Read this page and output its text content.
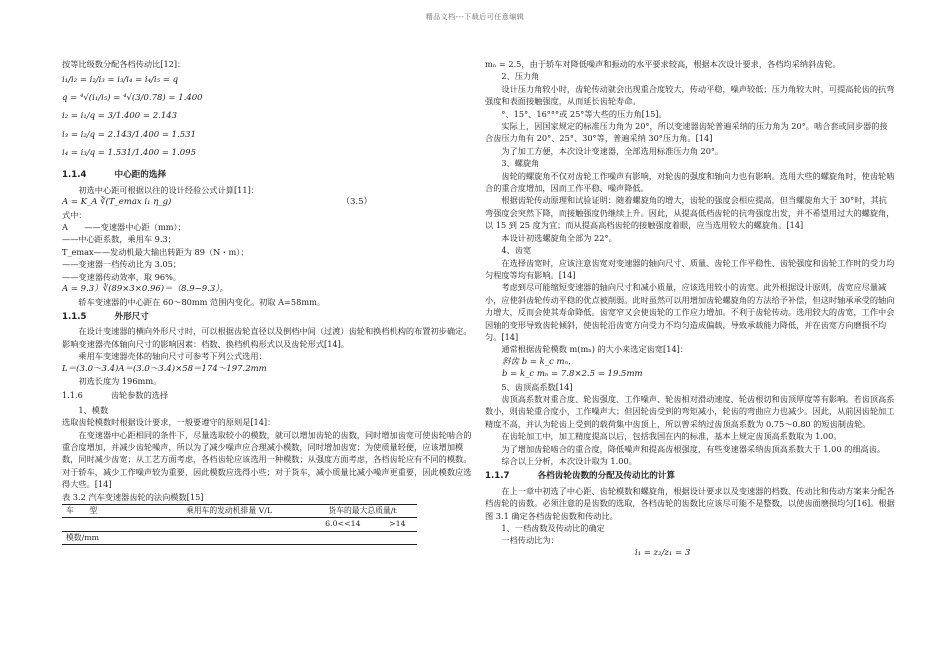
精品文档---下载后可任意编辑

按等比级数分配各档传动比[12]：

i₁/i₂ = i₂/i₃ = i₃/i₄ = i₄/i₅ = q

q = ⁴√(i₁/i₅) = ⁴√(3/0.78) = 1.400

i₂ = i₁/q = 3/1.400 = 2.143

i₃ = i₂/q = 2.143/1.400 = 1.531

i₄ = i₃/q = 1.531/1.400 = 1.095

1.1.4	中心距的选择

初选中心距可根据以往的设计经验公式计算[11]：

A = K_A ∛(T_emax i₁ η_g)	（3.5）

式中：

A　　——变速器中心距（mm）；

——中心距系数，乘用车 9.3；

T_emax——发动机最大输出转距为 89（N・m）；

——变速器一档传动比为 3.05；

——变速器传动效率，取 96%。

A = 9.3）∛(89×3×0.96)＝（8.9−9.3）。

轿车变速器的中心距在 60～80mm 范围内变化。初取 A=58mm。

1.1.5	外形尺寸

在设计变速器的横向外形尺寸时，可以根据齿轮直径以及倒档中间（过渡）齿轮和换档机构的布置初步确定。影响变速器壳体轴向尺寸的影响因素：档数、换档机构形式以及齿轮形式[14]。

乘用车变速器壳体的轴向尺寸可参考下列公式选用：

L＝(3.0～3.4)A＝(3.0～3.4)×58＝174～197.2mm

初选长度为 196mm。

1.1.6	齿轮参数的选择

1、模数

选取齿轮模数时根据设计要求，一般要遵守的原则是[14]：

在变速器中心距相同的条件下，尽量选取较小的模数，就可以增加齿轮的齿数，同时增加齿宽可使齿轮啮合的重合度增加，并减少齿轮噪声，所以为了减少噪声应合理减小模数，同时增加齿宽；为使质量轻便，应该增加模数，同时减少齿宽；从工艺方面考虑，各档齿轮应该选用一种模数；从强度方面考虑，各档齿轮应有不同的模数。对于轿车，减少工作噪声较为重要，因此模数应选得小些；对于货车，减小质量比减小噪声更重要，因此模数应选得大些。[14]

表 3.2 汽车变速器齿轮的法向模数[15]

车　　型	乘用车的发动机排量 V/L	货车的最大总质量/t	
		6.0<<14	>14
模数/mm			

mₙ = 2.5，由于轿车对降低噪声和振动的水平要求较高，根据本次设计要求，各档均采纳斜齿轮。

2、压力角

设计压力角较小时，齿轮传动就会出现重合度较大，传动平稳，噪声较低；压力角较大时，可提高轮齿的抗弯强度和表面接触强度，从而延长齿轮寿命。

°、15°、16°°°或 25°等大些的压力角[15]。

实际上，因国家规定的标准压力角为 20°，所以变速器齿轮普遍采纳的压力角为 20°。啮合套或同步器的接合齿压力角有 20°、25°、30°等，普遍采纳 30°压力角。[14]

为了加工方便，本次设计变速器，全部选用标准压力角 20°。

3、螺旋角

齿轮的螺旋角不仅对齿轮工作噪声有影响，对轮齿的强度和轴向力也有影响。选用大些的螺旋角时，使齿轮啮合的重合度增加，因而工作平稳、噪声降低。

根据齿轮传动原理和试验证明：随着螺旋角的增大，齿轮的强度会相应提高，但当螺旋角大于 30°时，其抗弯强度会突然下降，而接触强度仍继续上升。因此，从提高低档齿轮的抗弯强度出发，并不希望用过大的螺旋角，以 15 到 25 度为宜；而从提高高档齿轮的接触强度着眼，应当选用较大的螺旋角。[14]

本设计初选螺旋角全部为 22°。

4、齿宽

在选择齿宽时，应该注意齿宽对变速器的轴向尺寸、质量、齿轮工作平稳性、齿轮强度和齿轮工作时的受力均匀程度等均有影响。[14]

考虑到尽可能缩短变速器的轴向尺寸和减小质量，应该选用较小的齿宽。此外根据设计原则，齿宽应尽量减小，应使斜齿轮传动平稳的优点被削弱。此时虽然可以用增加齿轮螺旋角的方法给予补偿，但这时轴承承受的轴向力增大，反而会使其寿命降低。齿宽窄又会使齿轮的工作应力增加。不利于齿轮传动。选用较大的齿宽，工作中会因轴的变形导致齿轮倾斜，使齿轮沿齿宽方向受力不均匀造成偏载，导致承载能力降低，并在齿宽方向磨损不均匀。[14]

通常根据齿轮模数 m(mₙ) 的大小来选定齿宽[14]：

斜齿 b = k_c mₙ，

b = k_c mₙ = 7.8×2.5 = 19.5mm

5、齿顶高系数[14]

齿顶高系数对重合度、轮齿强度、工作噪声、轮齿相对滑动速度、轮齿根切和齿顶厚度等有影响。若齿顶高系数小，则齿轮重合度小，工作噪声大；但因轮齿受到的弯矩减小，轮齿的弯曲应力也减少。因此，从前因齿轮加工精度不高，并认为轮齿上受到的载荷集中齿顶上，所以曾采纳过齿顶高系数为 0.75～0.80 的短齿制齿轮。

在齿轮加工中，加工精度提高以后，包括我国在内的标准，基本上规定齿顶高系数取为 1.00。

为了增加齿轮啮合的重合度，降低噪声和提高齿根强度，有些变速器采纳齿顶高系数大于 1.00 的细高齿。

综合以上分析，本次设计取为 1.00。

1.1.7	各档齿轮齿数的分配及传动比的计算

在上一章中初选了中心距、齿轮模数和螺旋角，根据设计要求以及变速器的档数、传动比和传动方案来分配各档齿轮的齿数。必须注意的是齿数的选取，各档齿轮的齿数比应该尽可能不是整数，以使齿面磨损均匀[16]。根据图 3.1 确定各档齿轮齿数和传动比。

1、一档齿数及传动比的确定

一档传动比为：

i₁ = z₂/z₁ = 3
